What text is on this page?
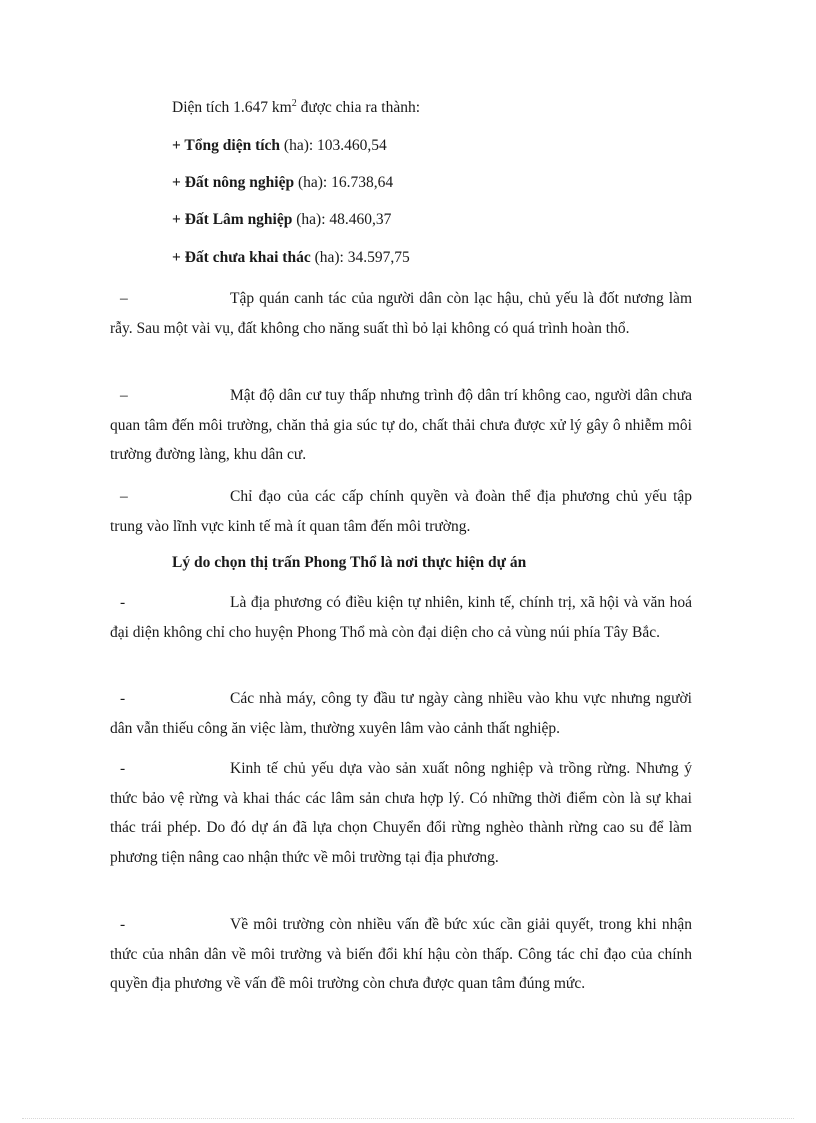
Diện tích 1.647 $km^2$ được chia ra thành:
+ Tổng diện tích (ha): 103.460,54
+ Đất nông nghiệp (ha): 16.738,64
+ Đất Lâm nghiệp (ha): 48.460,37
+ Đất chưa khai thác (ha): 34.597,75
–	Tập quán canh tác của người dân còn lạc hậu, chủ yếu là đốt nương làm rẫy. Sau một vài vụ, đất không cho năng suất thì bỏ lại không có quá trình hoàn thổ.
–	Mật độ dân cư tuy thấp nhưng trình độ dân trí không cao, người dân chưa quan tâm đến môi trường, chăn thả gia súc tự do, chất thải chưa được xử lý gây ô nhiễm môi trường đường làng, khu dân cư.
–	Chỉ đạo của các cấp chính quyền và đoàn thể địa phương chủ yếu tập trung vào lĩnh vực kinh tế mà ít quan tâm đến môi trường.
Lý do chọn thị trấn Phong Thổ là nơi thực hiện dự án
-	Là địa phương có điều kiện tự nhiên, kinh tế, chính trị, xã hội và văn hoá đại diện không chỉ cho huyện Phong Thổ mà còn đại diện cho cả vùng núi phía Tây Bắc.
-	Các nhà máy, công ty đầu tư ngày càng nhiều vào khu vực nhưng người dân vẫn thiếu công ăn việc làm, thường xuyên lâm vào cảnh thất nghiệp.
-	Kinh tế chủ yếu dựa vào sản xuất nông nghiệp và trồng rừng. Nhưng ý thức bảo vệ rừng và khai thác các lâm sản chưa hợp lý. Có những thời điểm còn là sự khai thác trái phép. Do đó dự án đã lựa chọn Chuyển đổi rừng nghèo thành rừng cao su để làm phương tiện nâng cao nhận thức về môi trường tại địa phương.
-	Về môi trường còn nhiều vấn đề bức xúc cần giải quyết, trong khi nhận thức của nhân dân về môi trường và biến đổi khí hậu còn thấp. Công tác chỉ đạo của chính quyền địa phương về vấn đề môi trường còn chưa được quan tâm đúng mức.
